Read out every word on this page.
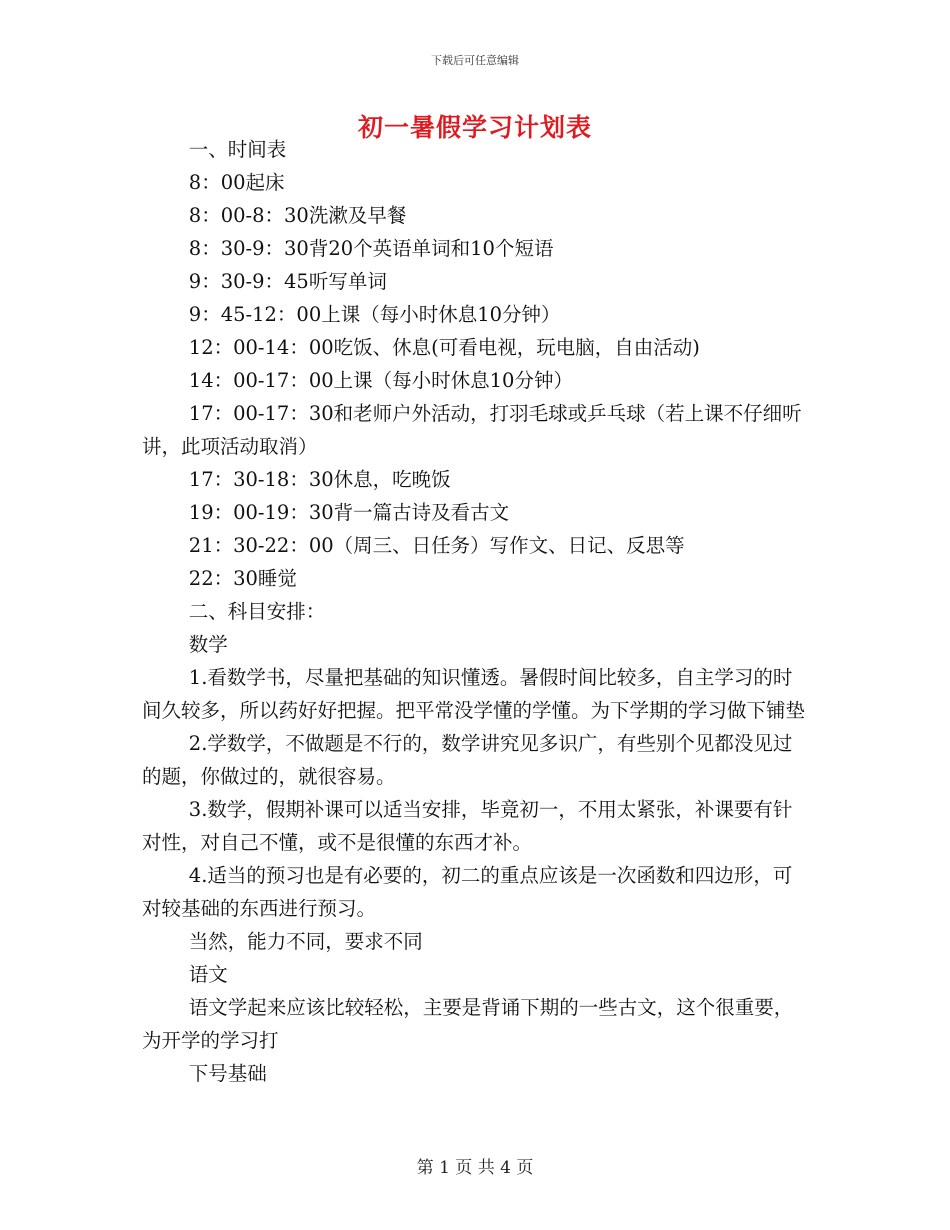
下载后可任意编辑
初一暑假学习计划表

一、时间表

8：00起床

8：00-8：30洗漱及早餐

8：30-9：30背20个英语单词和10个短语

9：30-9：45听写单词

9：45-12：00上课（每小时休息10分钟）

12：00-14：00吃饭、休息(可看电视，玩电脑，自由活动)

14：00-17：00上课（每小时休息10分钟）

17：00-17：30和老师户外活动，打羽毛球或乒乓球（若上课不仔细听讲，此项活动取消）

17：30-18：30休息，吃晚饭

19：00-19：30背一篇古诗及看古文

21：30-22：00（周三、日任务）写作文、日记、反思等

22：30睡觉

二、科目安排：

数学

1.看数学书，尽量把基础的知识懂透。暑假时间比较多，自主学习的时间久较多，所以药好好把握。把平常没学懂的学懂。为下学期的学习做下铺垫

2.学数学，不做题是不行的，数学讲究见多识广，有些别个见都没见过的题，你做过的，就很容易。

3.数学，假期补课可以适当安排，毕竟初一，不用太紧张，补课要有针对性，对自己不懂，或不是很懂的东西才补。

4.适当的预习也是有必要的，初二的重点应该是一次函数和四边形，可对较基础的东西进行预习。

当然，能力不同，要求不同

语文

语文学起来应该比较轻松，主要是背诵下期的一些古文，这个很重要，为开学的学习打

下号基础

第 1 页 共 4 页
